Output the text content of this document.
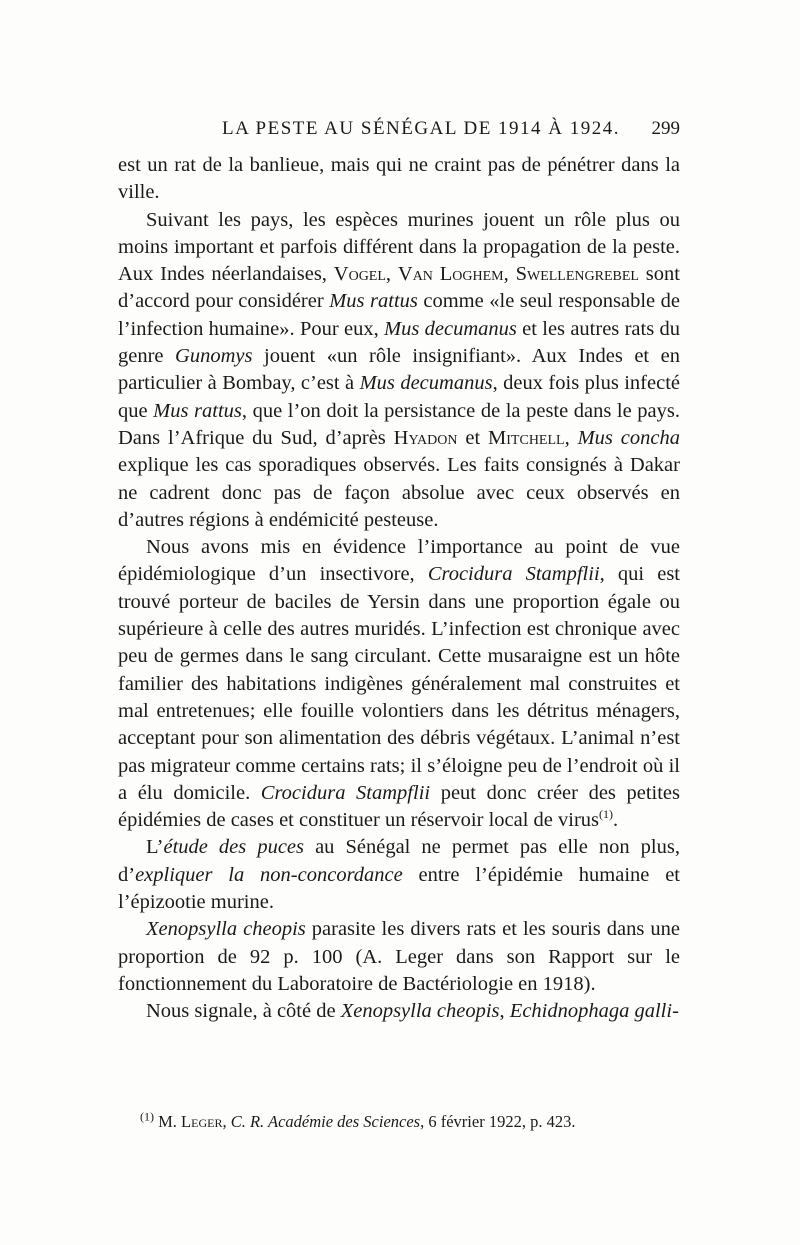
LA PESTE AU SÉNÉGAL DE 1914 À 1924. 299

est un rat de la banlieue, mais qui ne craint pas de pénétrer dans la ville.

Suivant les pays, les espèces murines jouent un rôle plus ou moins important et parfois différent dans la propagation de la peste. Aux Indes néerlandaises, Vogel, Van Loghem, Swellengrebel sont d’accord pour considérer Mus rattus comme «le seul responsable de l’infection humaine». Pour eux, Mus decumanus et les autres rats du genre Gunomys jouent «un rôle insignifiant». Aux Indes et en particulier à Bombay, c’est à Mus decumanus, deux fois plus infecté que Mus rattus, que l’on doit la persistance de la peste dans le pays. Dans l’Afrique du Sud, d’après Hyadon et Mitchell, Mus concha explique les cas sporadiques observés. Les faits consignés à Dakar ne cadrent donc pas de façon absolue avec ceux observés en d’autres régions à endémicité pesteuse.

Nous avons mis en évidence l’importance au point de vue épidémiologique d’un insectivore, Crocidura Stampflii, qui est trouvé porteur de baciles de Yersin dans une proportion égale ou supérieure à celle des autres muridés. L’infection est chronique avec peu de germes dans le sang circulant. Cette musaraigne est un hôte familier des habitations indigènes généralement mal construites et mal entretenues; elle fouille volontiers dans les détritus ménagers, acceptant pour son alimentation des débris végétaux. L’animal n’est pas migrateur comme certains rats; il s’éloigne peu de l’endroit où il a élu domicile. Crocidura Stampflii peut donc créer des petites épidémies de cases et constituer un réservoir local de virus$^{(1)}$.

L’étude des puces au Sénégal ne permet pas elle non plus, d’expliquer la non-concordance entre l’épidémie humaine et l’épizootie murine.

Xenopsylla cheopis parasite les divers rats et les souris dans une proportion de 92 p. 100 (A. Leger dans son Rapport sur le fonctionnement du Laboratoire de Bactériologie en 1918).

Nous signale, à côté de Xenopsylla cheopis, Echidnophaga galli-

$^{(1)}$ M. Leger, C. R. Académie des Sciences, 6 février 1922, p. 423.
